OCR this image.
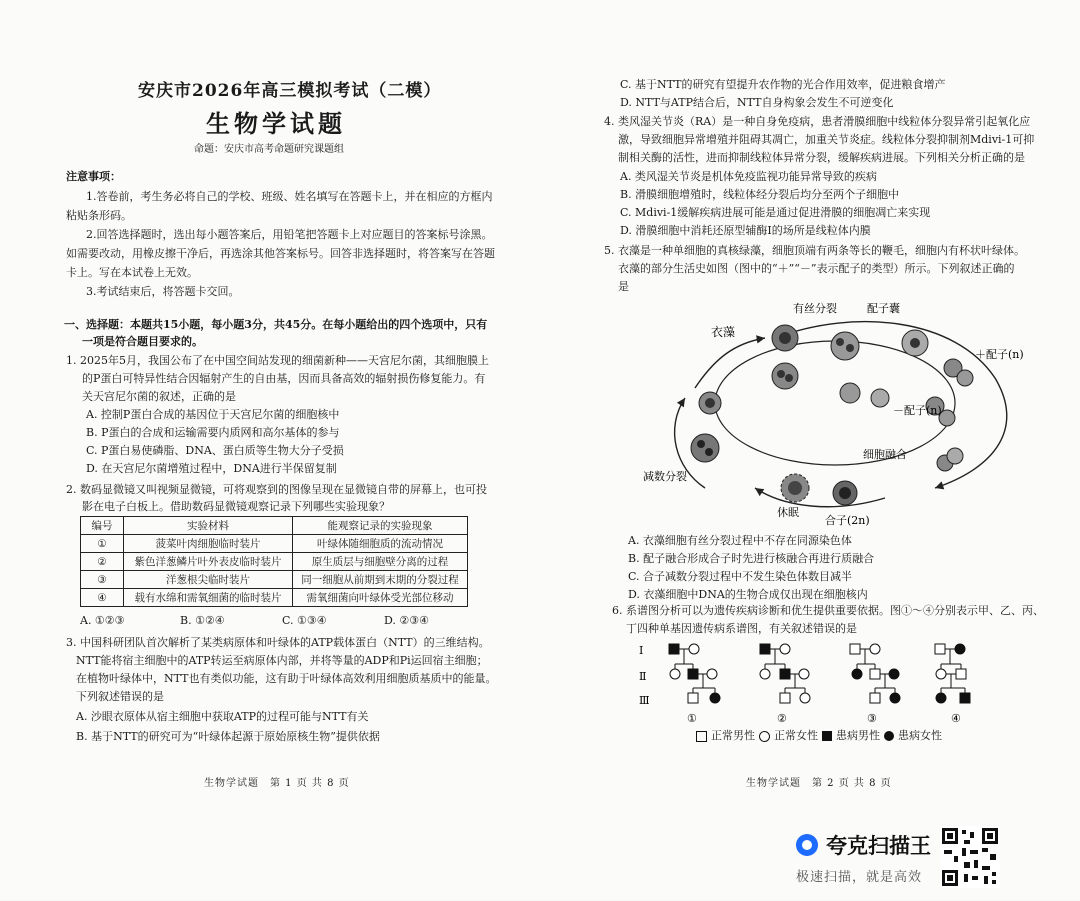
安庆市2026年高三模拟考试（二模）
生物学试题
命题：安庆市高考命题研究课题组
注意事项：
1.答卷前，考生务必将自己的学校、班级、姓名填写在答题卡上，并在相应的方框内
粘贴条形码。
2.回答选择题时，选出每小题答案后，用铅笔把答题卡上对应题目的答案标号涂黑。
如需要改动，用橡皮擦干净后，再选涂其他答案标号。回答非选择题时，将答案写在答题
卡上。写在本试卷上无效。
3.考试结束后，将答题卡交回。
一、选择题：本题共15小题，每小题3分，共45分。在每小题给出的四个选项中，只有
一项是符合题目要求的。
1. 2025年5月，我国公布了在中国空间站发现的细菌新种——天宫尼尔菌，其细胞膜上
的P蛋白可特异性结合因辐射产生的自由基，因而具备高效的辐射损伤修复能力。有
关天宫尼尔菌的叙述，正确的是
A. 控制P蛋白合成的基因位于天宫尼尔菌的细胞核中
B. P蛋白的合成和运输需要内质网和高尔基体的参与
C. P蛋白易使磷脂、DNA、蛋白质等生物大分子受损
D. 在天宫尼尔菌增殖过程中，DNA进行半保留复制
2. 数码显微镜又叫视频显微镜，可将观察到的图像呈现在显微镜自带的屏幕上，也可投
影在电子白板上。借助数码显微镜观察记录下列哪些实验现象？
编号	实验材料	能观察记录的实验现象
①	菠菜叶肉细胞临时装片	叶绿体随细胞质的流动情况
②	紫色洋葱鳞片叶外表皮临时装片	原生质层与细胞壁分离的过程
③	洋葱根尖临时装片	同一细胞从前期到末期的分裂过程
④	载有水绵和需氧细菌的临时装片	需氧细菌向叶绿体受光部位移动
A. ①②③	B. ①②④	C. ①③④	D. ②③④
3. 中国科研团队首次解析了某类病原体和叶绿体的ATP载体蛋白（NTT）的三维结构。
NTT能将宿主细胞中的ATP转运至病原体内部，并将等量的ADP和Pi运回宿主细胞；
在植物叶绿体中，NTT也有类似功能，这有助于叶绿体高效利用细胞质基质中的能量。
下列叙述错误的是
A. 沙眼衣原体从宿主细胞中获取ATP的过程可能与NTT有关
B. 基于NTT的研究可为“叶绿体起源于原始原核生物”提供依据
生物学试题　第 1 页 共 8 页
C. 基于NTT的研究有望提升农作物的光合作用效率，促进粮食增产
D. NTT与ATP结合后，NTT自身构象会发生不可逆变化
4. 类风湿关节炎（RA）是一种自身免疫病，患者滑膜细胞中线粒体分裂异常引起氧化应
激，导致细胞异常增殖并阻碍其凋亡，加重关节炎症。线粒体分裂抑制剂Mdivi-1可抑
制相关酶的活性，进而抑制线粒体异常分裂，缓解疾病进展。下列相关分析正确的是
A. 类风湿关节炎是机体免疫监视功能异常导致的疾病
B. 滑膜细胞增殖时，线粒体经分裂后均分至两个子细胞中
C. Mdivi-1缓解疾病进展可能是通过促进滑膜的细胞凋亡来实现
D. 滑膜细胞中消耗还原型辅酶Ⅰ的场所是线粒体内膜
5. 衣藻是一种单细胞的真核绿藻，细胞顶端有两条等长的鞭毛，细胞内有杯状叶绿体。
衣藻的部分生活史如图（图中的“＋”“－”表示配子的类型）所示。下列叙述正确的
是
衣藻
有丝分裂	配子囊
＋配子(n)
－配子(n)
细胞融合
减数分裂
休眠
合子(2n)
A. 衣藻细胞有丝分裂过程中不存在同源染色体
B. 配子融合形成合子时先进行核融合再进行质融合
C. 合子减数分裂过程中不发生染色体数目减半
D. 衣藻细胞中DNA的生物合成仅出现在细胞核内
6. 系谱图分析可以为遗传疾病诊断和优生提供重要依据。图①～④分别表示甲、乙、丙、
丁四种单基因遗传病系谱图，有关叙述错误的是
Ⅰ
Ⅱ
Ⅲ
①	②	③	④
正常男性 正常女性 患病男性 患病女性
生物学试题　第 2 页 共 8 页
夸克扫描王
极速扫描，就是高效
